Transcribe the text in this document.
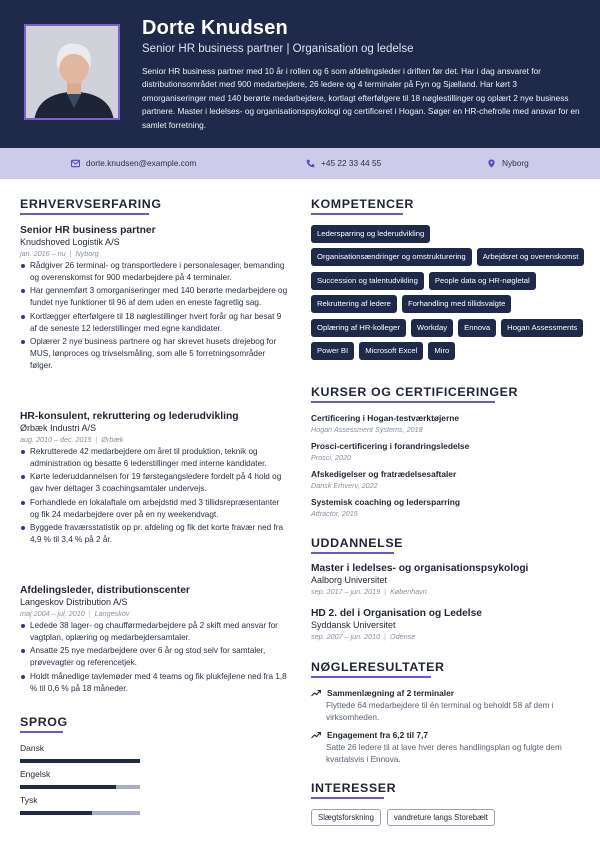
Dorte Knudsen
Senior HR business partner | Organisation og ledelse
Senior HR business partner med 10 år i rollen og 6 som afdelingsleder i driften før det. Har i dag ansvaret for distributionsområdet med 900 medarbejdere, 26 ledere og 4 terminaler på Fyn og Sjælland. Har kørt 3 omorganiseringer med 140 berørte medarbejdere, kortlagt efterfølgere til 18 nøglestillinger og oplært 2 nye business partnere. Master i ledelses- og organisationspsykologi og certificeret i Hogan. Søger en HR-chefrolle med ansvar for en samlet forretning.
dorte.knudsen@example.com	+45 22 33 44 55	Nyborg
ERHVERVSERFARING
Senior HR business partner
Knudshoved Logistik A/S
jan. 2016 – nu | Nyborg
Rådgiver 26 terminal- og transportledere i personalesager, bemanding og overenskomst for 900 medarbejdere på 4 terminaler.
Har gennemført 3 omorganiseringer med 140 berørte medarbejdere og fundet nye funktioner til 96 af dem uden en eneste fagretlig sag.
Kortlægger efterfølgere til 18 nøglestillinger hvert forår og har besat 9 af de seneste 12 lederstillinger med egne kandidater.
Oplærer 2 nye business partnere og har skrevet husets drejebog for MUS, lønproces og trivselsmåling, som alle 5 forretningsområder følger.
HR-konsulent, rekruttering og lederudvikling
Ørbæk Industri A/S
aug. 2010 – dec. 2015 | Ørbæk
Rekrutterede 42 medarbejdere om året til produktion, teknik og administration og besatte 6 lederstillinger med interne kandidater.
Kørte lederuddannelsen for 19 førstegangsledere fordelt på 4 hold og gav hver deltager 3 coachingsamtaler undervejs.
Forhandlede en lokalaftale om arbejdstid med 3 tillidsrepræsentanter og fik 24 medarbejdere over på en ny weekendvagt.
Byggede fraværsstatistik op pr. afdeling og fik det korte fravær ned fra 4,9 % til 3,4 % på 2 år.
Afdelingsleder, distributionscenter
Langeskov Distribution A/S
maj 2004 – jul. 2010 | Langeskov
Ledede 38 lager- og chaufførmedarbejdere på 2 skift med ansvar for vagtplan, oplæring og medarbejdersamtaler.
Ansatte 25 nye medarbejdere over 6 år og stod selv for samtaler, prøvevagter og referencetjek.
Holdt månedlige tavlemøder med 4 teams og fik plukfejlene ned fra 1,8 % til 0,6 % på 18 måneder.
SPROG
Dansk
Engelsk
Tysk
KOMPETENCER
Ledersparring og lederudvikling
Organisationsændringer og omstrukturering	Arbejdsret og overenskomst
Succession og talentudvikling	People data og HR-nøgletal
Rekruttering af ledere	Forhandling med tillidsvalgte
Oplæring af HR-kolleger	Workday	Ennova	Hogan Assessments
Power BI	Microsoft Excel	Miro
KURSER OG CERTIFICERINGER
Certificering i Hogan-testværktøjerne
Hogan Assessment Systems, 2018
Prosci-certificering i forandringsledelse
Prosci, 2020
Afskedigelser og fratrædelsesaftaler
Dansk Erhverv, 2022
Systemisk coaching og ledersparring
Attractor, 2015
UDDANNELSE
Master i ledelses- og organisationspsykologi
Aalborg Universitet
sep. 2017 – jun. 2019 | København
HD 2. del i Organisation og Ledelse
Syddansk Universitet
sep. 2007 – jun. 2010 | Odense
NØGLERESULTATER
Sammenlægning af 2 terminaler
Flyttede 64 medarbejdere til én terminal og beholdt 58 af dem i virksomheden.
Engagement fra 6,2 til 7,7
Satte 26 ledere til at lave hver deres handlingsplan og fulgte dem kvartalsvis i Ennova.
INTERESSER
Slægtsforskning	vandreture langs Storebælt
